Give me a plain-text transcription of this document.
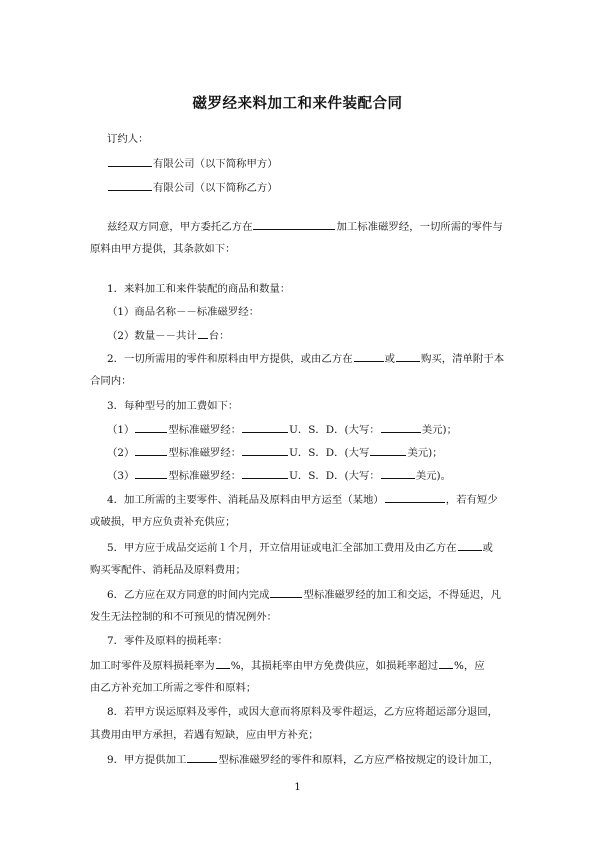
磁罗经来料加工和来件装配合同
订约人：
有限公司（以下简称甲方）
有限公司（以下简称乙方）
兹经双方同意，甲方委托乙方在	加工标准磁罗经，一切所需的零件与
原料由甲方提供，其条款如下：
1．来料加工和来件装配的商品和数量：
（1）商品名称－－标准磁罗经：
（2）数量－－共计 台：
2．一切所需用的零件和原料由甲方提供，或由乙方在	或	购买，清单附于本
合同内：
3．每种型号的加工费如下：
（1）	型标准磁罗经：	U．S．D．(大写：	美元)；
（2）	型标准磁罗经：	U．S．D．(大写	美元)；
（3）	型标准磁罗经：	U．S．D．(大写：	美元)。
4．加工所需的主要零件、消耗品及原料由甲方运至（某地）	，若有短少
或破损，甲方应负责补充供应；
5．甲方应于成品交运前１个月，开立信用证或电汇全部加工费用及由乙方在	或
购买零配件、消耗品及原料费用；
6．乙方应在双方同意的时间内完成	型标准磁罗经的加工和交运，不得延迟，凡
发生无法控制的和不可预见的情况例外：
7．零件及原料的损耗率：
加工时零件及原料损耗率为 %，其损耗率由甲方免费供应，如损耗率超过 %，应
由乙方补充加工所需之零件和原料；
8．若甲方误运原料及零件，或因大意而将原料及零件超运，乙方应将超运部分退回，
其费用由甲方承担，若遇有短缺，应由甲方补充；
9．甲方提供加工	型标准磁罗经的零件和原料，乙方应严格按规定的设计加工，
1
